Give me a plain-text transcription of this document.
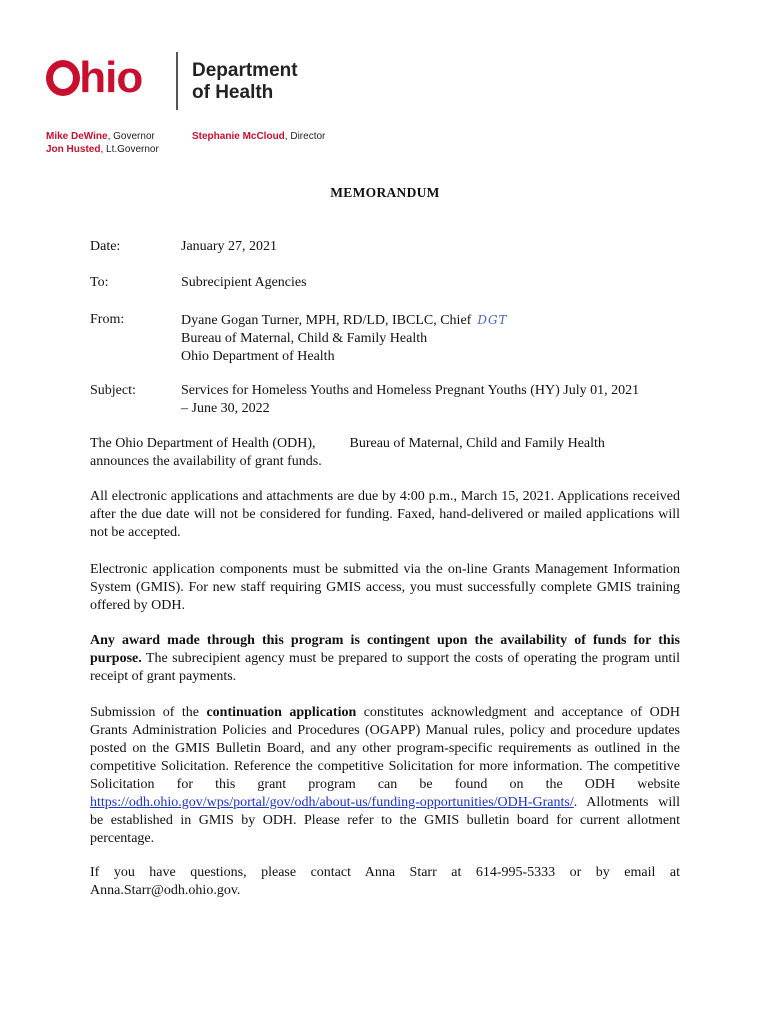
hio	Department
of Health
Mike DeWine, Governor
Jon Husted, Lt.Governor
Stephanie McCloud, Director
MEMORANDUM
Date:	January 27, 2021
To:	Subrecipient Agencies
From:	Dyane Gogan Turner, MPH, RD/LD, IBCLC, Chief DGT
Bureau of Maternal, Child & Family Health
Ohio Department of Health
Subject:	Services for Homeless Youths and Homeless Pregnant Youths (HY) July 01, 2021
– June 30, 2022
The Ohio Department of Health (ODH), Bureau of Maternal, Child and Family Health
announces the availability of grant funds.
All electronic applications and attachments are due by 4:00 p.m., March 15, 2021. Applications received after the due date will not be considered for funding. Faxed, hand-delivered or mailed applications will not be accepted.
Electronic application components must be submitted via the on-line Grants Management Information System (GMIS). For new staff requiring GMIS access, you must successfully complete GMIS training offered by ODH.
Any award made through this program is contingent upon the availability of funds for this purpose. The subrecipient agency must be prepared to support the costs of operating the program until receipt of grant payments.
Submission of the continuation application constitutes acknowledgment and acceptance of ODH Grants Administration Policies and Procedures (OGAPP) Manual rules, policy and procedure updates posted on the GMIS Bulletin Board, and any other program-specific requirements as outlined in the competitive Solicitation. Reference the competitive Solicitation for more information. The competitive Solicitation for this grant program can be found on the ODH website https://odh.ohio.gov/wps/portal/gov/odh/about-us/funding-opportunities/ODH-Grants/. Allotments will be established in GMIS by ODH. Please refer to the GMIS bulletin board for current allotment percentage.
If you have questions, please contact Anna Starr at 614-995-5333 or by email at Anna.Starr@odh.ohio.gov.
